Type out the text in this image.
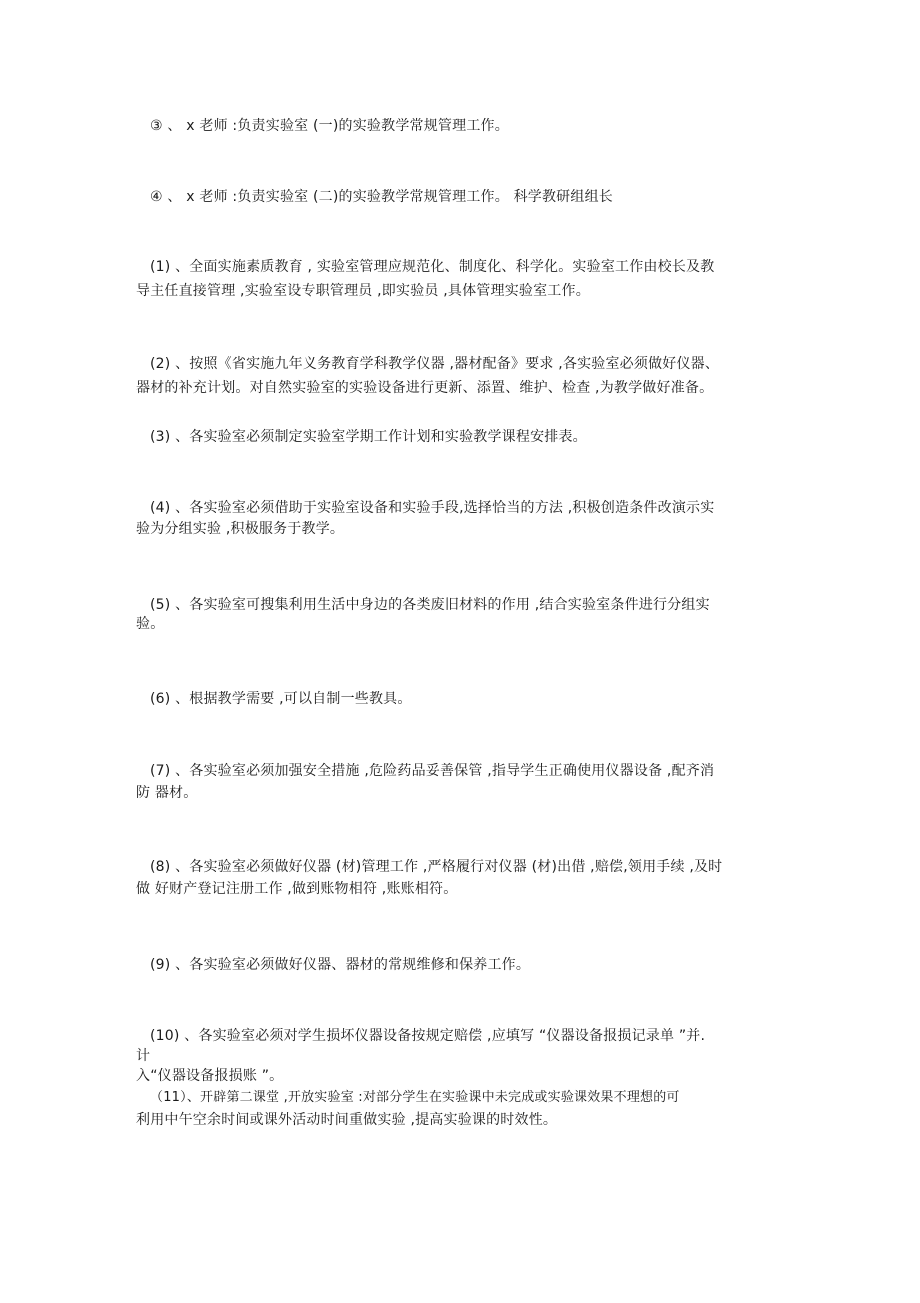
③ 、 x 老师 :负责实验室 (一)的实验教学常规管理工作。
④ 、 x 老师 :负责实验室 (二)的实验教学常规管理工作。 科学教研组组长
(1) 、全面实施素质教育 , 实验室管理应规范化、制度化、科学化。实验室工作由校长及教
导主任直接管理 ,实验室设专职管理员 ,即实验员 ,具体管理实验室工作。
(2) 、按照《省实施九年义务教育学科教学仪器 ,器材配备》要求 ,各实验室必须做好仪器、
器材的补充计划。对自然实验室的实验设备进行更新、添置、维护、检查 ,为教学做好准备。
(3) 、各实验室必须制定实验室学期工作计划和实验教学课程安排表。
(4) 、各实验室必须借助于实验室设备和实验手段,选择恰当的方法 ,积极创造条件改演示实
验为分组实验 ,积极服务于教学。
(5) 、各实验室可搜集利用生活中身边的各类废旧材料的作用 ,结合实验室条件进行分组实
验。
(6) 、根据教学需要 ,可以自制一些教具。
(7) 、各实验室必须加强安全措施 ,危险药品妥善保管 ,指导学生正确使用仪器设备 ,配齐消
防 器材。
(8) 、各实验室必须做好仪器 (材)管理工作 ,严格履行对仪器 (材)出借 ,赔偿,领用手续 ,及时
做 好财产登记注册工作 ,做到账物相符 ,账账相符。
(9) 、各实验室必须做好仪器、器材的常规维修和保养工作。
(10) 、各实验室必须对学生损坏仪器设备按规定赔偿 ,应填写 “仪器设备报损记录单 ”并.
计
入“仪器设备报损账 ”。
（11）、开辟第二课堂 ,开放实验室 :对部分学生在实验课中未完成或实验课效果不理想的可
利用中午空余时间或课外活动时间重做实验 ,提高实验课的时效性。
